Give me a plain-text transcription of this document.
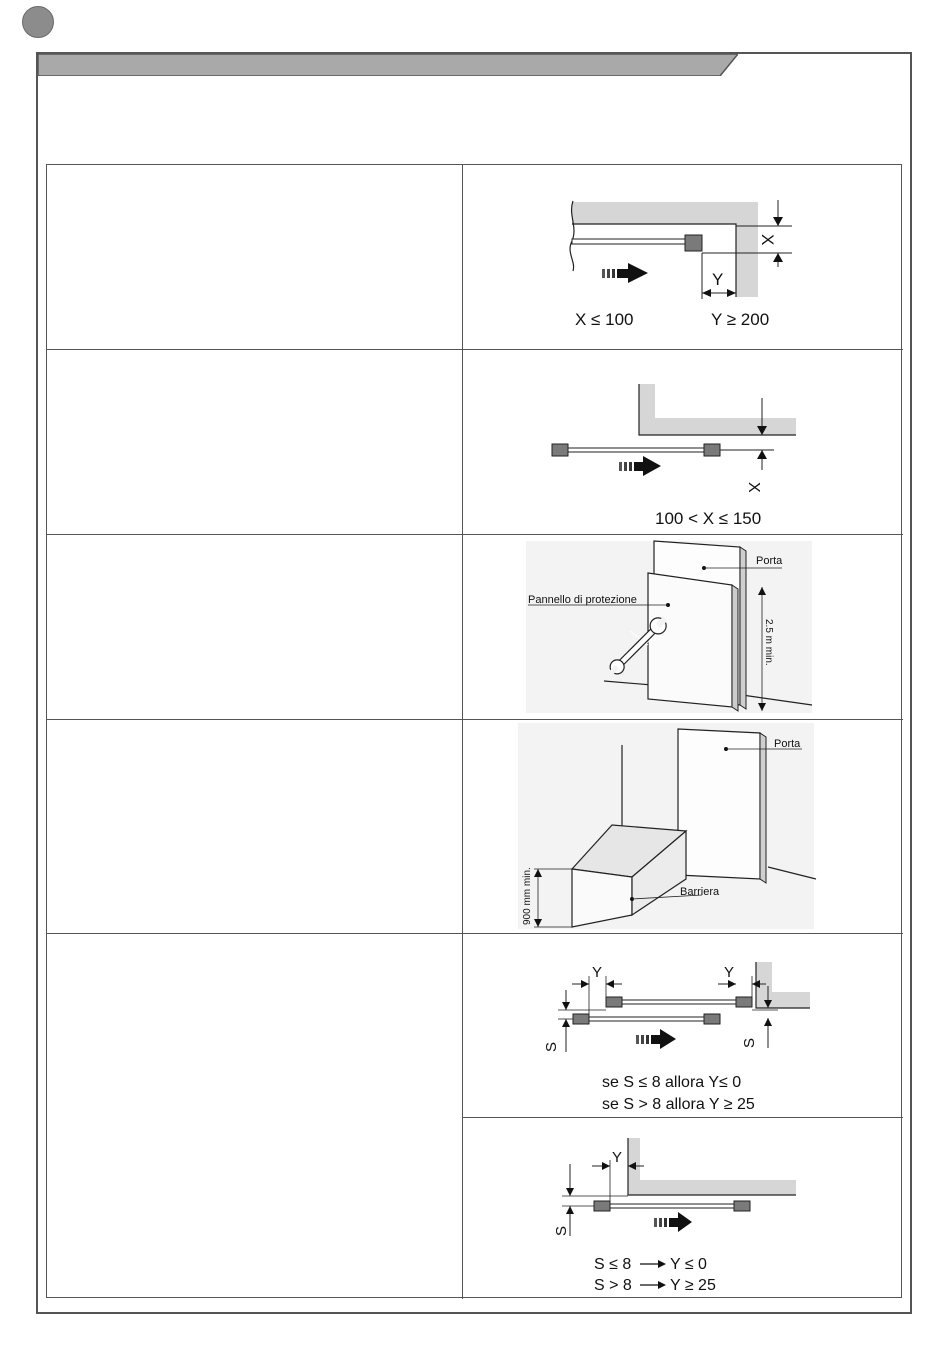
X
Y
X ≤ 100	Y ≥ 200
X
100 < X ≤ 150
Porta
Pannello di protezione
2.5 m min.
Porta
Barriera
900 mm min.
Y	Y
S	S
se S ≤ 8 allora Y≤ 0
se S > 8 allora Y ≥ 25
Y
S
S ≤ 8 Y ≤ 0
S > 8 Y ≥ 25
